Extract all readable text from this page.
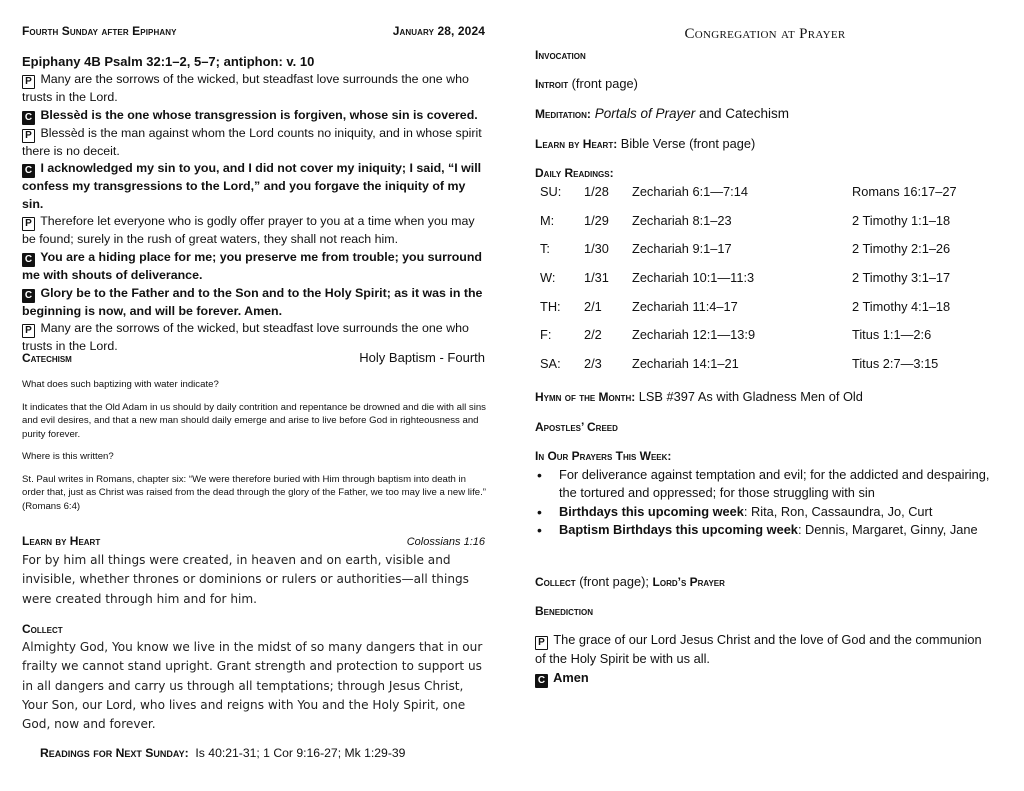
Fourth Sunday after Epiphany	January 28, 2024
Epiphany 4B Psalm 32:1–2, 5–7; antiphon: v. 10

P Many are the sorrows of the wicked, but steadfast love surrounds the one who trusts in the Lord.

C Blessèd is the one whose transgression is forgiven, whose sin is covered.

P Blessèd is the man against whom the Lord counts no iniquity, and in whose spirit there is no deceit.

C I acknowledged my sin to you, and I did not cover my iniquity; I said, “I will confess my transgressions to the Lord,” and you forgave the iniquity of my sin.

P Therefore let everyone who is godly offer prayer to you at a time when you may be found; surely in the rush of great waters, they shall not reach him.

C You are a hiding place for me; you preserve me from trouble; you surround me with shouts of deliverance.

C Glory be to the Father and to the Son and to the Holy Spirit; as it was in the beginning is now, and will be forever. Amen.

P Many are the sorrows of the wicked, but steadfast love surrounds the one who trusts in the Lord.

Catechism	Holy Baptism - Fourth

What does such baptizing with water indicate?

It indicates that the Old Adam in us should by daily contrition and repentance be drowned and die with all sins and evil desires, and that a new man should daily emerge and arise to live before God in righteousness and purity forever.

Where is this written?

St. Paul writes in Romans, chapter six: “We were therefore buried with Him through baptism into death in order that, just as Christ was raised from the dead through the glory of the Father, we too may live a new life.” (Romans 6:4)

Learn by Heart	Colossians 1:16
For by him all things were created, in heaven and on earth, visible and invisible, whether thrones or dominions or rulers or authorities—all things were created through him and for him.
Collect
Almighty God, You know we live in the midst of so many dangers that in our frailty we cannot stand upright. Grant strength and protection to support us in all dangers and carry us through all temptations; through Jesus Christ, Your Son, our Lord, who lives and reigns with You and the Holy Spirit, one God, now and forever.
Readings for Next Sunday: Is 40:21-31; 1 Cor 9:16-27; Mk 1:29-39
Congregation at Prayer
Invocation
Introit (front page)
Meditation: Portals of Prayer and Catechism
Learn by Heart: Bible Verse (front page)
Daily Readings:
SU: 1/28 Zechariah 6:1—7:14	Romans 16:17–27
M: 1/29 Zechariah 8:1–23	2 Timothy 1:1–18
T:	1/30 Zechariah 9:1–17	2 Timothy 2:1–26
W: 1/31 Zechariah 10:1—11:3	2 Timothy 3:1–17
TH: 2/1 Zechariah 11:4–17	2 Timothy 4:1–18
F:	2/2 Zechariah 12:1—13:9	Titus 1:1—2:6
SA: 2/3 Zechariah 14:1–21	Titus 2:7—3:15
Hymn of the Month: LSB #397 As with Gladness Men of Old
Apostles’ Creed
In Our Prayers This Week:
• For deliverance against temptation and evil; for the addicted and despairing, the tortured and oppressed; for those struggling with sin
• Birthdays this upcoming week: Rita, Ron, Cassaundra, Jo, Curt
• Baptism Birthdays this upcoming week: Dennis, Margaret, Ginny, Jane
Collect (front page); Lord’s Prayer
Benediction
P The grace of our Lord Jesus Christ and the love of God and the communion of the Holy Spirit be with us all.
C Amen
